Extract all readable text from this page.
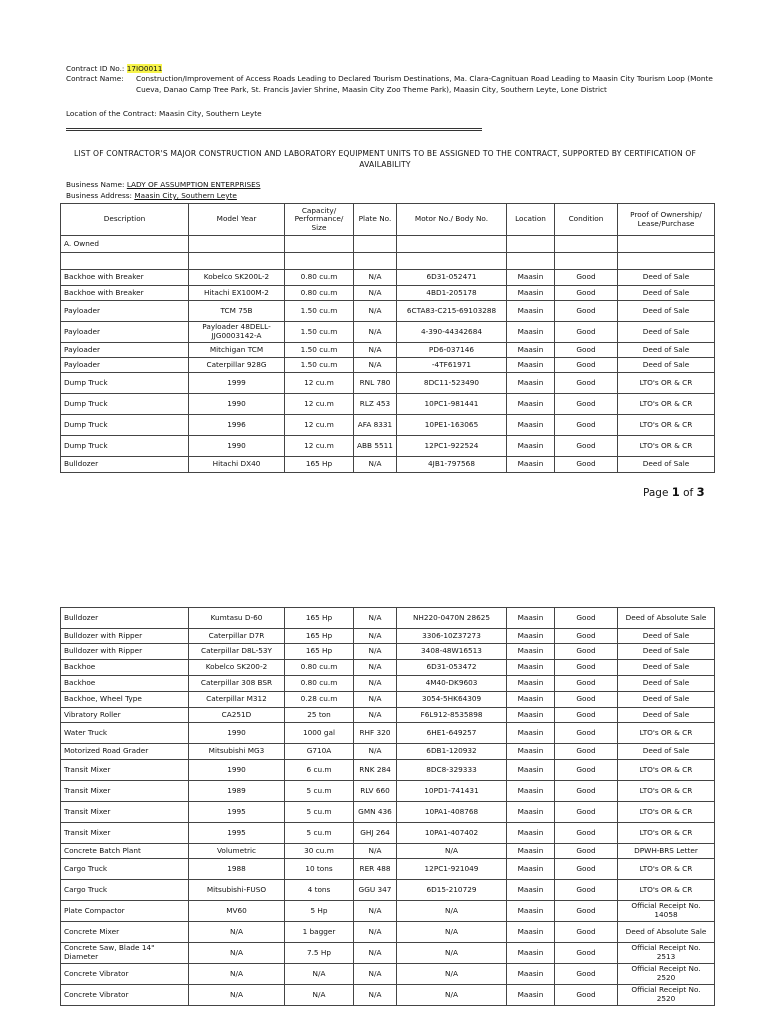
Contract ID No.: 17IO0011
Contract Name: Construction/Improvement of Access Roads Leading to Declared Tourism Destinations, Ma. Clara-Cagnituan Road Leading to Maasin City Tourism Loop (Monte Cueva, Danao Camp Tree Park, St. Francis Javier Shrine, Maasin City Zoo Theme Park), Maasin City, Southern Leyte, Lone District
Location of the Contract: Maasin City, Southern Leyte
LIST OF CONTRACTOR'S MAJOR CONSTRUCTION AND LABORATORY EQUIPMENT UNITS TO BE ASSIGNED TO THE CONTRACT, SUPPORTED BY CERTIFICATION OF AVAILABILITY
Business Name: LADY OF ASSUMPTION ENTERPRISES
Business Address: Maasin City, Southern Leyte
Description	Model Year	Capacity/ Performance/ Size	Plate No.	Motor No./ Body No.	Location	Condition	Proof of Ownership/ Lease/Purchase
A. Owned							

Backhoe with Breaker	Kobelco SK200L-2	0.80 cu.m	N/A	6D31-052471	Maasin	Good	Deed of Sale
Backhoe with Breaker	Hitachi EX100M-2	0.80 cu.m	N/A	4BD1-205178	Maasin	Good	Deed of Sale
Payloader	TCM 75B	1.50 cu.m	N/A	6CTA83-C215-69103288	Maasin	Good	Deed of Sale
Payloader	Payloader 48DELL-JJG0003142-A	1.50 cu.m	N/A	4-390-44342684	Maasin	Good	Deed of Sale
Payloader	Mitchigan TCM	1.50 cu.m	N/A	PD6-037146	Maasin	Good	Deed of Sale
Payloader	Caterpillar 928G	1.50 cu.m	N/A	-4TF61971	Maasin	Good	Deed of Sale
Dump Truck	1999	12 cu.m	RNL 780	8DC11-523490	Maasin	Good	LTO's OR & CR
Dump Truck	1990	12 cu.m	RLZ 453	10PC1-981441	Maasin	Good	LTO's OR & CR
Dump Truck	1996	12 cu.m	AFA 8331	10PE1-163065	Maasin	Good	LTO's OR & CR
Dump Truck	1990	12 cu.m	ABB 5511	12PC1-922524	Maasin	Good	LTO's OR & CR
Bulldozer	Hitachi DX40	165 Hp	N/A	4JB1-797568	Maasin	Good	Deed of Sale
Page 1 of 3
Bulldozer	Kumtasu D-60	165 Hp	N/A	NH220-0470N 28625	Maasin	Good	Deed of Absolute Sale
Bulldozer with Ripper	Caterpillar D7R	165 Hp	N/A	3306-10Z37273	Maasin	Good	Deed of Sale
Bulldozer with Ripper	Caterpillar D8L-53Y	165 Hp	N/A	3408-48W16513	Maasin	Good	Deed of Sale
Backhoe	Kobelco SK200-2	0.80 cu.m	N/A	6D31-053472	Maasin	Good	Deed of Sale
Backhoe	Caterpillar 308 BSR	0.80 cu.m	N/A	4M40-DK9603	Maasin	Good	Deed of Sale
Backhoe, Wheel Type	Caterpillar M312	0.28 cu.m	N/A	3054-5HK64309	Maasin	Good	Deed of Sale
Vibratory Roller	CA251D	25 ton	N/A	F6L912-8535898	Maasin	Good	Deed of Sale
Water Truck	1990	1000 gal	RHF 320	6HE1-649257	Maasin	Good	LTO's OR & CR
Motorized Road Grader	Mitsubishi MG3	G710A	N/A	6DB1-120932	Maasin	Good	Deed of Sale
Transit Mixer	1990	6 cu.m	RNK 284	8DC8-329333	Maasin	Good	LTO's OR & CR
Transit Mixer	1989	5 cu.m	RLV 660	10PD1-741431	Maasin	Good	LTO's OR & CR
Transit Mixer	1995	5 cu.m	GMN 436	10PA1-408768	Maasin	Good	LTO's OR & CR
Transit Mixer	1995	5 cu.m	GHJ 264	10PA1-407402	Maasin	Good	LTO's OR & CR
Concrete Batch Plant	Volumetric	30 cu.m	N/A	N/A	Maasin	Good	DPWH-BRS Letter
Cargo Truck	1988	10 tons	RER 488	12PC1-921049	Maasin	Good	LTO's OR & CR
Cargo Truck	Mitsubishi-FUSO	4 tons	GGU 347	6D15-210729	Maasin	Good	LTO's OR & CR
Plate Compactor	MV60	5 Hp	N/A	N/A	Maasin	Good	Official Receipt No. 14058
Concrete Mixer	N/A	1 bagger	N/A	N/A	Maasin	Good	Deed of Absolute Sale
Concrete Saw, Blade 14" Diameter	N/A	7.5 Hp	N/A	N/A	Maasin	Good	Official Receipt No. 2513
Concrete Vibrator	N/A	N/A	N/A	N/A	Maasin	Good	Official Receipt No. 2520
Concrete Vibrator	N/A	N/A	N/A	N/A	Maasin	Good	Official Receipt No. 2520
